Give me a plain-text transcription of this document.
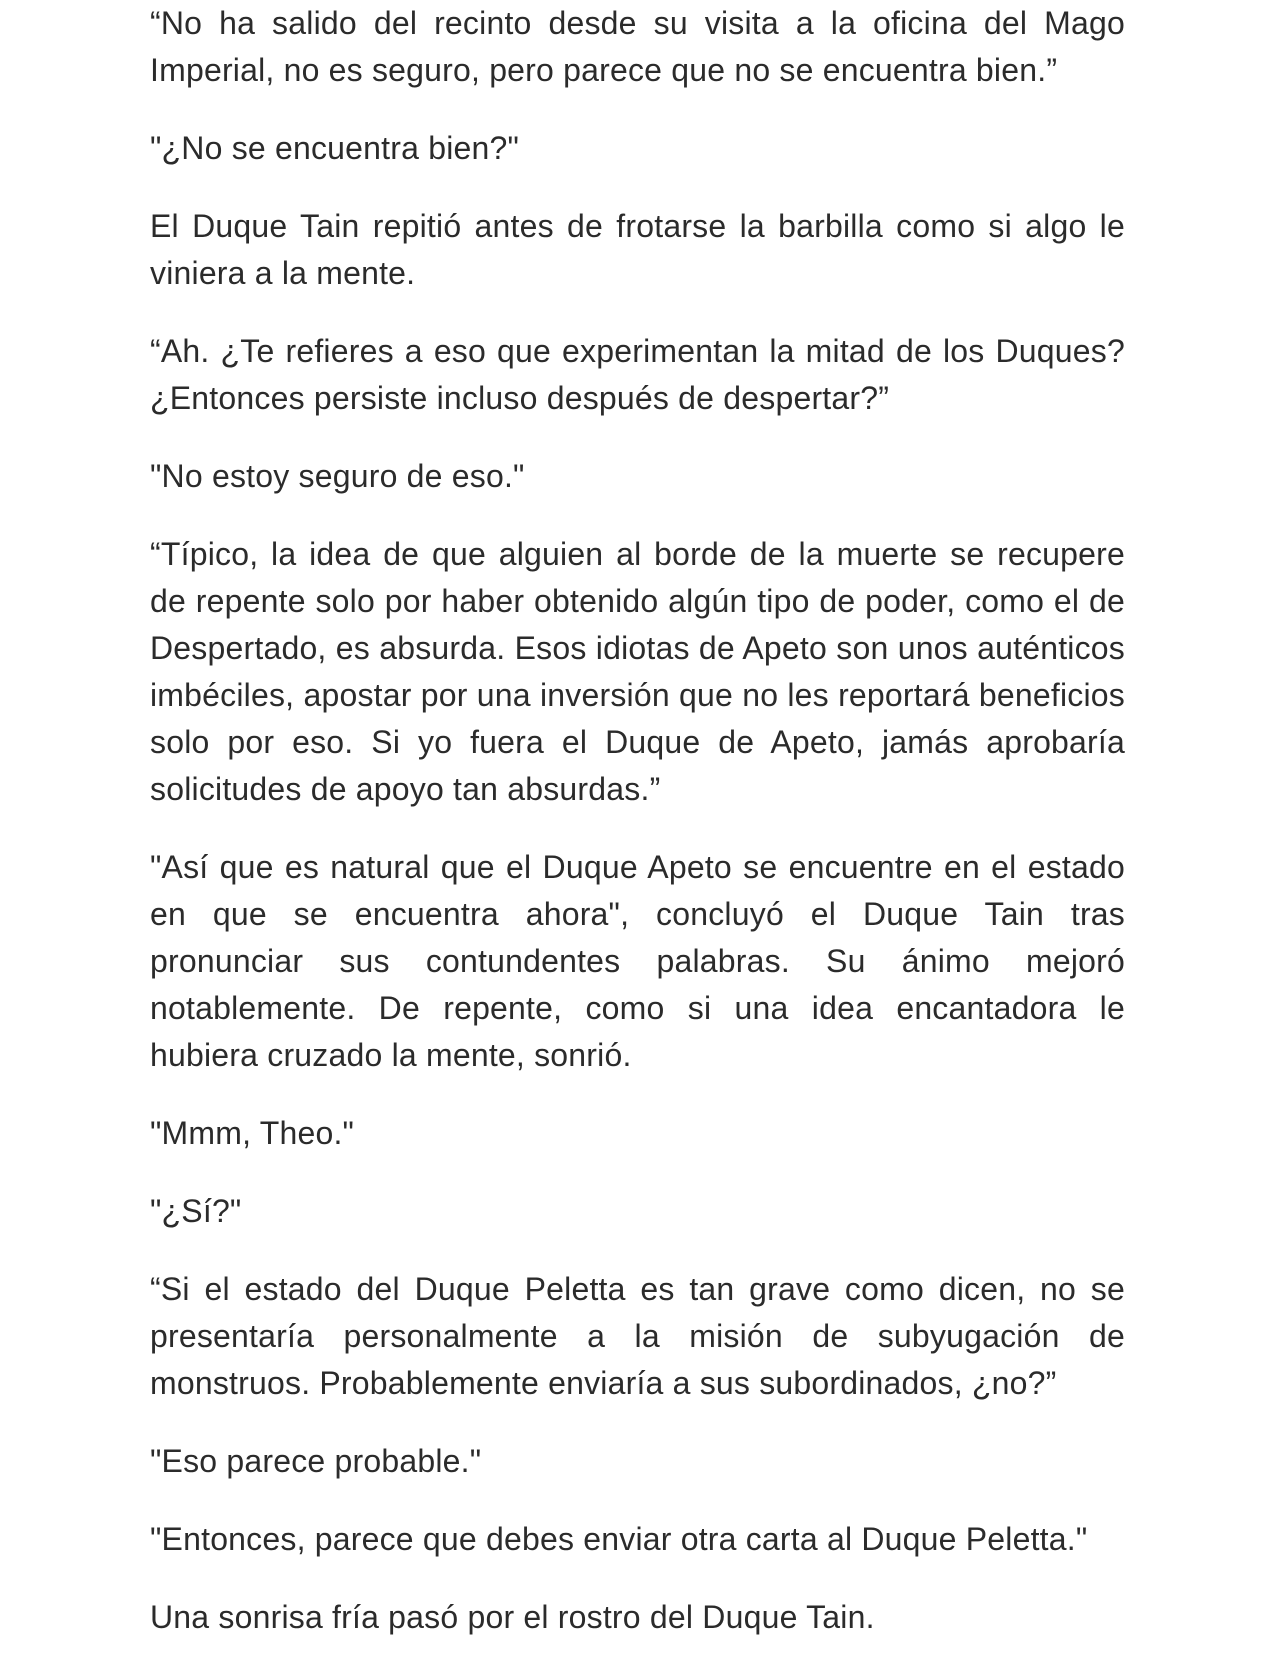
“No ha salido del recinto desde su visita a la oficina del Mago Imperial, no es seguro, pero parece que no se encuentra bien.”

"¿No se encuentra bien?"

El Duque Tain repitió antes de frotarse la barbilla como si algo le viniera a la mente.

“Ah. ¿Te refieres a eso que experimentan la mitad de los Duques? ¿Entonces persiste incluso después de despertar?”

"No estoy seguro de eso."

“Típico, la idea de que alguien al borde de la muerte se recupere de repente solo por haber obtenido algún tipo de poder, como el de Despertado, es absurda. Esos idiotas de Apeto son unos auténticos imbéciles, apostar por una inversión que no les reportará beneficios solo por eso. Si yo fuera el Duque de Apeto, jamás aprobaría solicitudes de apoyo tan absurdas.”

"Así que es natural que el Duque Apeto se encuentre en el estado en que se encuentra ahora", concluyó el Duque Tain tras pronunciar sus contundentes palabras. Su ánimo mejoró notablemente. De repente, como si una idea encantadora le hubiera cruzado la mente, sonrió.

"Mmm, Theo."

"¿Sí?"

“Si el estado del Duque Peletta es tan grave como dicen, no se presentaría personalmente a la misión de subyugación de monstruos. Probablemente enviaría a sus subordinados, ¿no?”

"Eso parece probable."

"Entonces, parece que debes enviar otra carta al Duque Peletta."

Una sonrisa fría pasó por el rostro del Duque Tain.
